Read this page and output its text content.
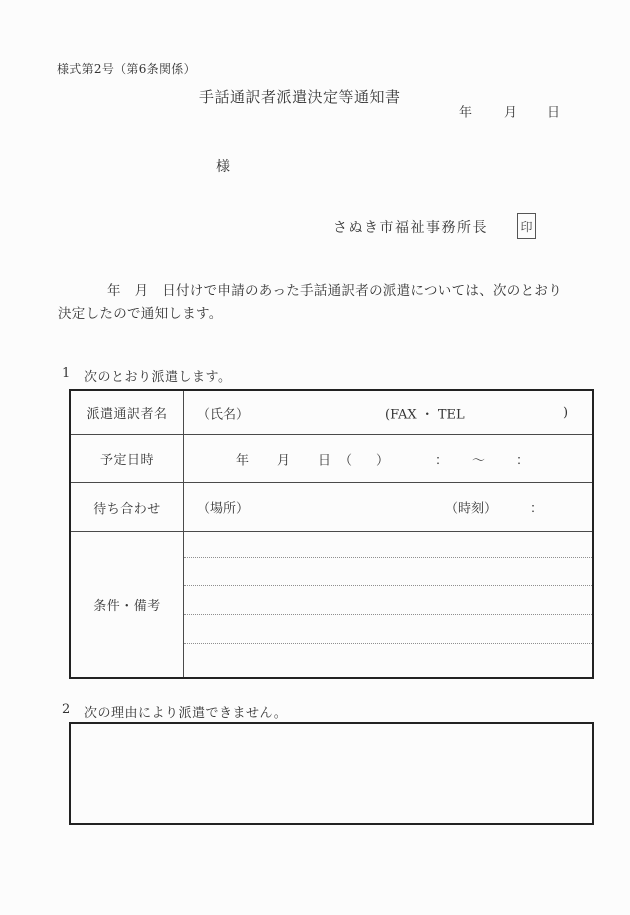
様式第2号（第6条関係）
手話通訳者派遣決定等通知書
年 月 日
様
さぬき市福祉事務所長	印
年　月　日付けで申請のあった手話通訳者の派遣については、次のとおり
決定したので通知します。
1 次のとおり派遣します。
派遣通訳者名	（氏名）	(FAX ・ TEL	)
予定日時	年 月 日 （ ）	： ～ ：
待ち合わせ	（場所）	（時刻）	：
条件・備考
2 次の理由により派遣できません。
